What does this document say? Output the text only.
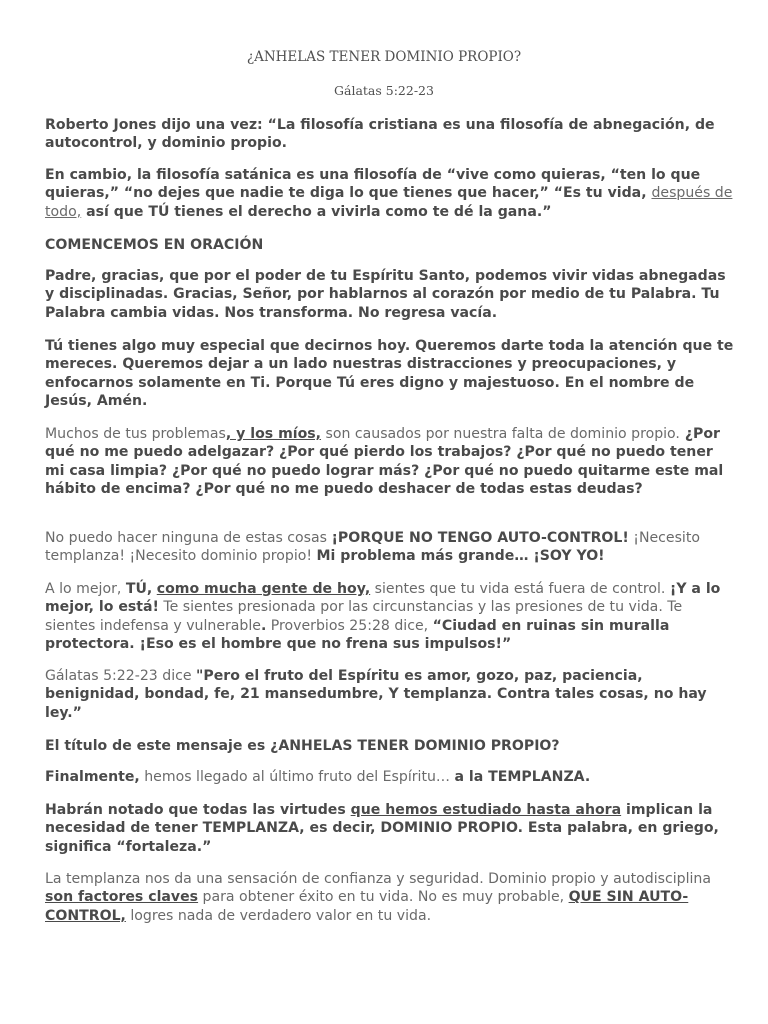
¿ANHELAS TENER DOMINIO PROPIO?

Gálatas 5:22-23

Roberto Jones dijo una vez: “La filosofía cristiana es una filosofía de abnegación, de autocontrol, y dominio propio.

En cambio, la filosofía satánica es una filosofía de “vive como quieras, “ten lo que quieras,” “no dejes que nadie te diga lo que tienes que hacer,” “Es tu vida, después de todo, así que TÚ tienes el derecho a vivirla como te dé la gana.”

COMENCEMOS EN ORACIÓN

Padre, gracias, que por el poder de tu Espíritu Santo, podemos vivir vidas abnegadas y disciplinadas. Gracias, Señor, por hablarnos al corazón por medio de tu Palabra. Tu Palabra cambia vidas. Nos transforma. No regresa vacía.

Tú tienes algo muy especial que decirnos hoy. Queremos darte toda la atención que te mereces. Queremos dejar a un lado nuestras distracciones y preocupaciones, y enfocarnos solamente en Ti. Porque Tú eres digno y majestuoso. En el nombre de Jesús, Amén.

Muchos de tus problemas, y los míos, son causados por nuestra falta de dominio propio. ¿Por qué no me puedo adelgazar? ¿Por qué pierdo los trabajos? ¿Por qué no puedo tener mi casa limpia? ¿Por qué no puedo lograr más? ¿Por qué no puedo quitarme este mal hábito de encima? ¿Por qué no me puedo deshacer de todas estas deudas?

No puedo hacer ninguna de estas cosas ¡PORQUE NO TENGO AUTO-CONTROL! ¡Necesito templanza! ¡Necesito dominio propio! Mi problema más grande… ¡SOY YO!

A lo mejor, TÚ, como mucha gente de hoy, sientes que tu vida está fuera de control. ¡Y a lo mejor, lo está! Te sientes presionada por las circunstancias y las presiones de tu vida. Te sientes indefensa y vulnerable. Proverbios 25:28 dice, “Ciudad en ruinas sin muralla protectora. ¡Eso es el hombre que no frena sus impulsos!”

Gálatas 5:22-23 dice "Pero el fruto del Espíritu es amor, gozo, paz, paciencia, benignidad, bondad, fe, 21 mansedumbre, Y templanza. Contra tales cosas, no hay ley.”

El título de este mensaje es ¿ANHELAS TENER DOMINIO PROPIO?

Finalmente, hemos llegado al último fruto del Espíritu… a la TEMPLANZA.

Habrán notado que todas las virtudes que hemos estudiado hasta ahora implican la necesidad de tener TEMPLANZA, es decir, DOMINIO PROPIO. Esta palabra, en griego, significa “fortaleza.”

La templanza nos da una sensación de confianza y seguridad. Dominio propio y autodisciplina son factores claves para obtener éxito en tu vida. No es muy probable, QUE SIN AUTO-CONTROL, logres nada de verdadero valor en tu vida.
